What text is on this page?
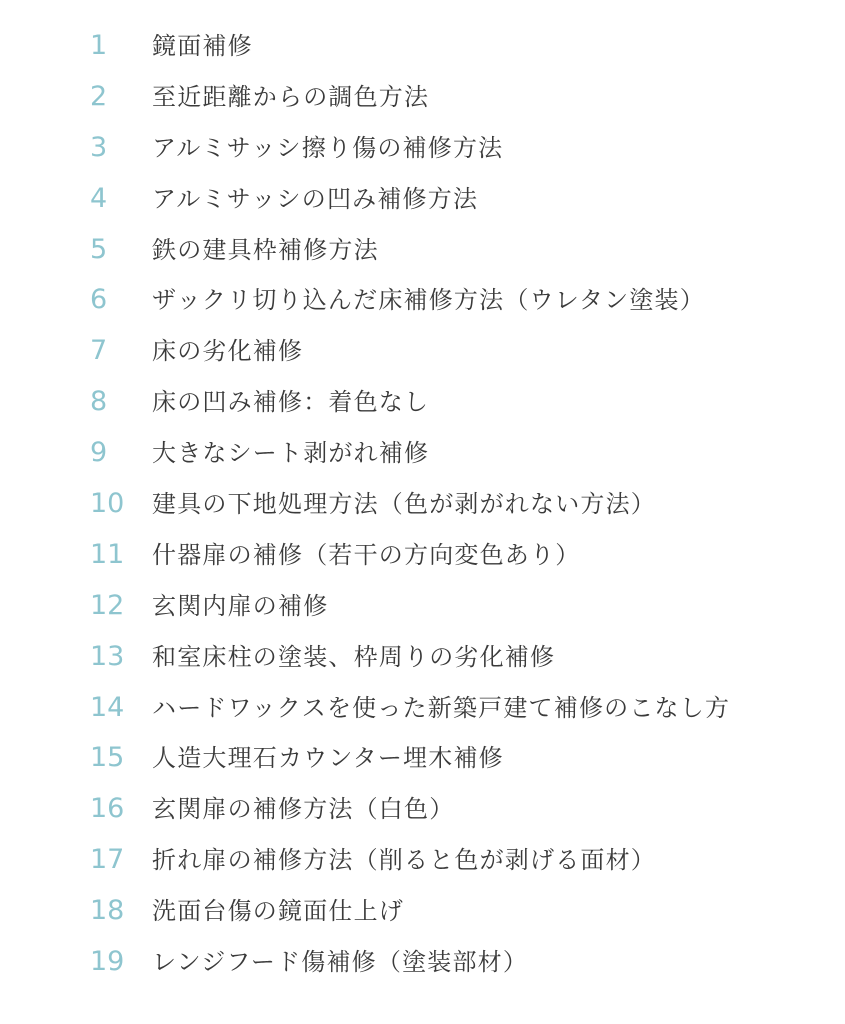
1	鏡面補修
2	至近距離からの調色方法
3	アルミサッシ擦り傷の補修方法
4	アルミサッシの凹み補修方法
5	鉄の建具枠補修方法
6	ザックリ切り込んだ床補修方法（ウレタン塗装）
7	床の劣化補修
8	床の凹み補修：着色なし
9	大きなシート剥がれ補修
10 建具の下地処理方法（色が剥がれない方法）
11 什器扉の補修（若干の方向変色あり）
12 玄関内扉の補修
13 和室床柱の塗装、枠周りの劣化補修
14 ハードワックスを使った新築戸建て補修のこなし方
15 人造大理石カウンター埋木補修
16 玄関扉の補修方法（白色）
17 折れ扉の補修方法（削ると色が剥げる面材）
18 洗面台傷の鏡面仕上げ
19 レンジフード傷補修（塗装部材）
